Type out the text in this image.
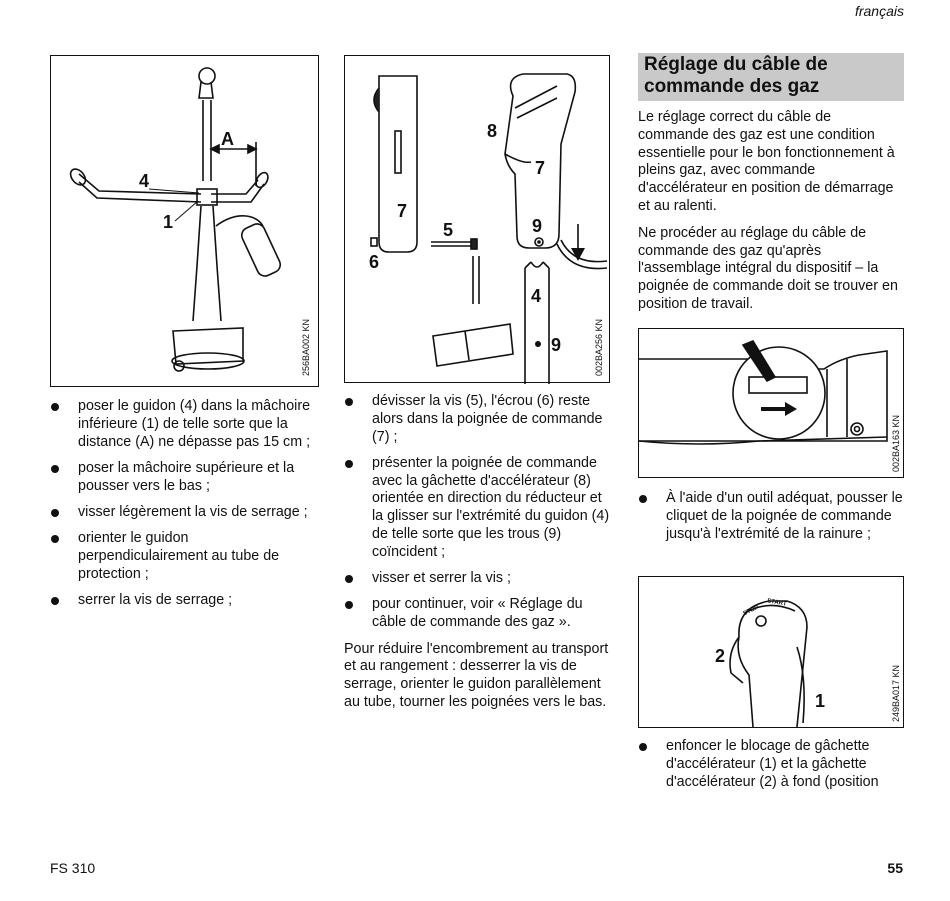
français
A
4
1
256BA002 KN
poser le guidon (4) dans la mâchoire inférieure (1) de telle sorte que la distance (A) ne dépasse pas 15 cm ;
poser la mâchoire supérieure et la pousser vers le bas ;
visser légèrement la vis de serrage ;
orienter le guidon perpendiculairement au tube de protection ;
serrer la vis de serrage ;
7
6
5
8
7
9
4
9	002BA256 KN
dévisser la vis (5), l'écrou (6) reste alors dans la poignée de commande (7) ;
présenter la poignée de commande avec la gâchette d'accélérateur (8) orientée en direction du réducteur et la glisser sur l'extrémité du guidon (4) de telle sorte que les trous (9) coïncident ;
visser et serrer la vis ;
pour continuer, voir « Réglage du câble de commande des gaz ».

Pour réduire l'encombrement au transport et au rangement : desserrer la vis de serrage, orienter le guidon parallèlement au tube, tourner les poignées vers le bas.

Réglage du câble de commande des gaz

Le réglage correct du câble de commande des gaz est une condition essentielle pour le bon fonctionnement à pleins gaz, avec commande d'accélérateur en position de démarrage et au ralenti.

Ne procéder au réglage du câble de commande des gaz qu'après l'assemblage intégral du dispositif – la poignée de commande doit se trouver en position de travail.

002BA163 KN
À l'aide d'un outil adéquat, pousser le cliquet de la poignée de commande jusqu'à l'extrémité de la rainure ;
STOP
START
2
1	249BA017 KN
enfoncer le blocage de gâchette d'accélérateur (1) et la gâchette d'accélérateur (2) à fond (position
FS 310	55
